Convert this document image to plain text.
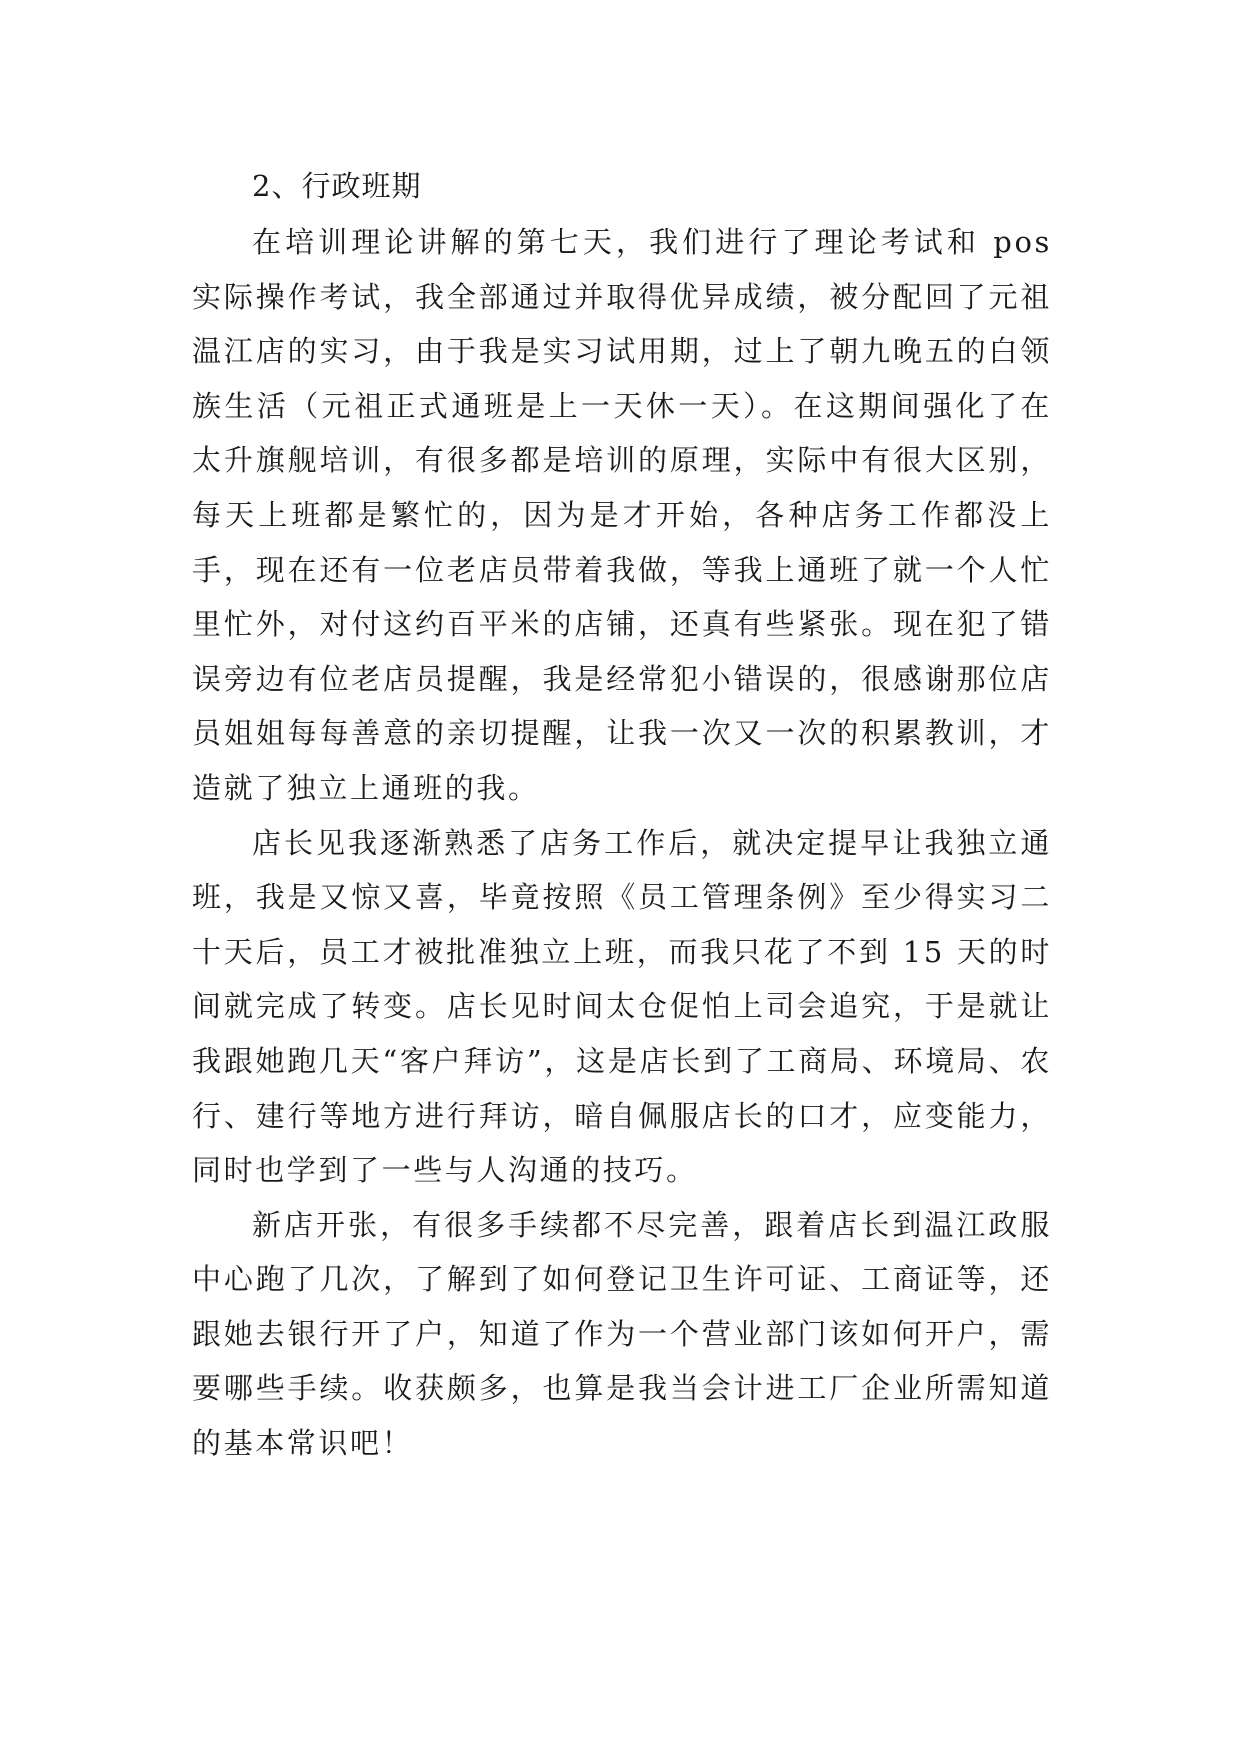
2、行政班期

在培训理论讲解的第七天，我们进行了理论考试和 pos 实际操作考试，我全部通过并取得优异成绩，被分配回了元祖温江店的实习，由于我是实习试用期，过上了朝九晚五的白领族生活（元祖正式通班是上一天休一天）。在这期间强化了在太升旗舰培训，有很多都是培训的原理，实际中有很大区别，每天上班都是繁忙的，因为是才开始，各种店务工作都没上手，现在还有一位老店员带着我做，等我上通班了就一个人忙里忙外，对付这约百平米的店铺，还真有些紧张。现在犯了错误旁边有位老店员提醒，我是经常犯小错误的，很感谢那位店员姐姐每每善意的亲切提醒，让我一次又一次的积累教训，才造就了独立上通班的我。

店长见我逐渐熟悉了店务工作后，就决定提早让我独立通班，我是又惊又喜，毕竟按照《员工管理条例》至少得实习二十天后，员工才被批准独立上班，而我只花了不到 15 天的时间就完成了转变。店长见时间太仓促怕上司会追究，于是就让我跟她跑几天“客户拜访”，这是店长到了工商局、环境局、农行、建行等地方进行拜访，暗自佩服店长的口才，应变能力，同时也学到了一些与人沟通的技巧。

新店开张，有很多手续都不尽完善，跟着店长到温江政服中心跑了几次，了解到了如何登记卫生许可证、工商证等，还跟她去银行开了户，知道了作为一个营业部门该如何开户，需要哪些手续。收获颇多，也算是我当会计进工厂企业所需知道的基本常识吧！
